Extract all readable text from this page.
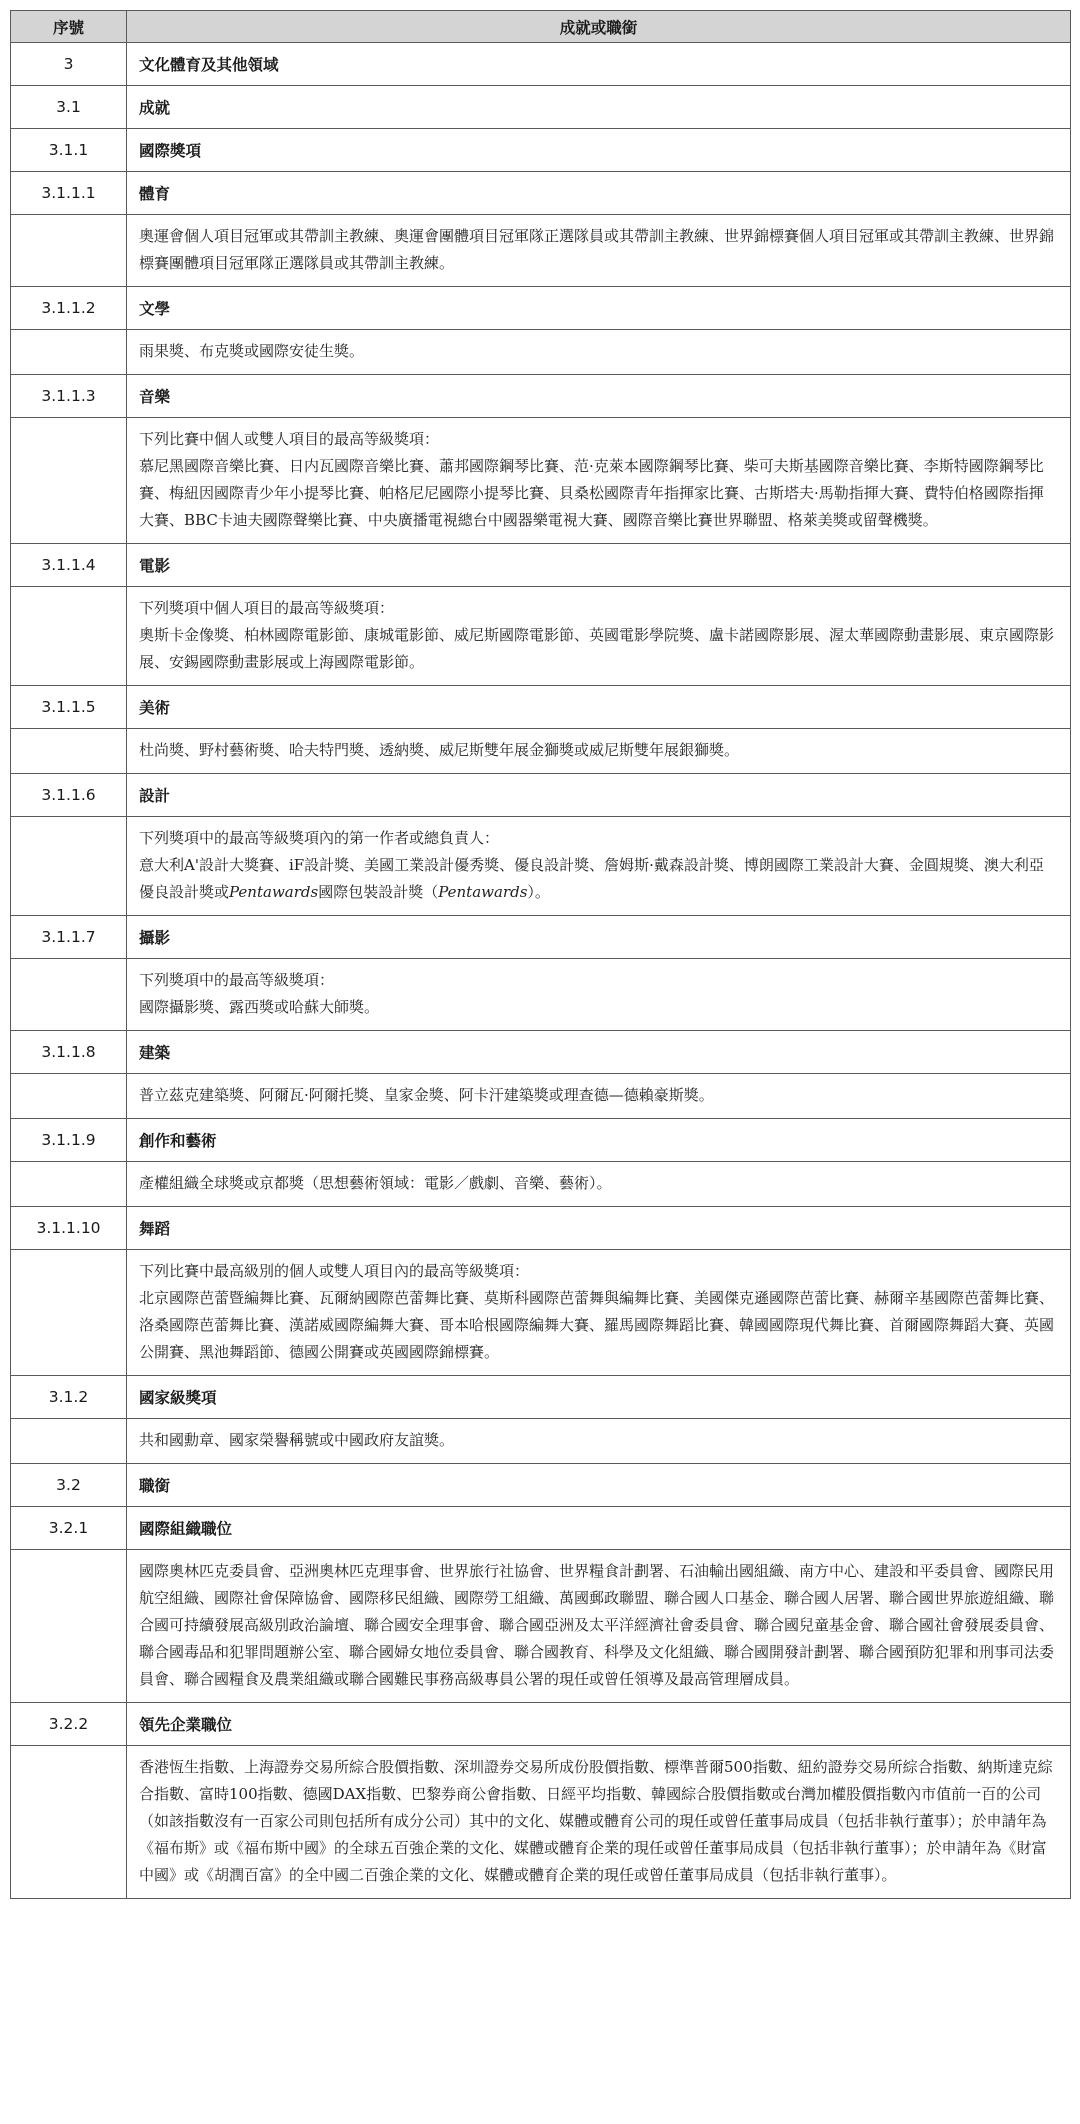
序號	成就或職銜
3	文化體育及其他領域
3.1	成就
3.1.1	國際獎項
3.1.1.1	體育
	奧運會個人項目冠軍或其帶訓主教練、奧運會團體項目冠軍隊正選隊員或其帶訓主教練、世界錦標賽個人項目冠軍或其帶訓主教練、世界錦標賽團體項目冠軍隊正選隊員或其帶訓主教練。
3.1.1.2	文學
	雨果獎、布克獎或國際安徒生獎。
3.1.1.3	音樂

	下列比賽中個人或雙人項目的最高等級獎項：
慕尼黑國際音樂比賽、日内瓦國際音樂比賽、蕭邦國際鋼琴比賽、范·克萊本國際鋼琴比賽、柴可夫斯基國際音樂比賽、李斯特國際鋼琴比賽、梅紐因國際青少年小提琴比賽、帕格尼尼國際小提琴比賽、貝桑松國際青年指揮家比賽、古斯塔夫·馬勒指揮大賽、費特伯格國際指揮大賽、BBC卡迪夫國際聲樂比賽、中央廣播電視總台中國器樂電視大賽、國際音樂比賽世界聯盟、格萊美獎或留聲機獎。

3.1.1.4	電影

	下列獎項中個人項目的最高等級獎項：
奧斯卡金像獎、柏林國際電影節、康城電影節、威尼斯國際電影節、英國電影學院獎、盧卡諾國際影展、渥太華國際動畫影展、東京國際影展、安錫國際動畫影展或上海國際電影節。

3.1.1.5	美術
	杜尚獎、野村藝術獎、哈夫特門獎、透納獎、威尼斯雙年展金獅獎或威尼斯雙年展銀獅獎。
3.1.1.6	設計

	下列獎項中的最高等級獎項內的第一作者或總負責人：
意大利A'設計大獎賽、iF設計獎、美國工業設計優秀獎、優良設計獎、詹姆斯·戴森設計獎、博朗國際工業設計大賽、金圓規獎、澳大利亞優良設計獎或Pentawards國際包裝設計獎（Pentawards）。

3.1.1.7	攝影

	下列獎項中的最高等級獎項：
國際攝影獎、露西獎或哈蘇大師獎。

3.1.1.8	建築
	普立茲克建築獎、阿爾瓦·阿爾托獎、皇家金獎、阿卡汗建築獎或理查德—德賴豪斯獎。
3.1.1.9	創作和藝術
	產權組織全球獎或京都獎（思想藝術領域：電影／戲劇、音樂、藝術）。
3.1.1.10	舞蹈

	下列比賽中最高級別的個人或雙人項目內的最高等級獎項：
北京國際芭蕾暨編舞比賽、瓦爾納國際芭蕾舞比賽、莫斯科國際芭蕾舞與編舞比賽、美國傑克遜國際芭蕾比賽、赫爾辛基國際芭蕾舞比賽、洛桑國際芭蕾舞比賽、漢諾威國際編舞大賽、哥本哈根國際編舞大賽、羅馬國際舞蹈比賽、韓國國際現代舞比賽、首爾國際舞蹈大賽、英國公開賽、黑池舞蹈節、德國公開賽或英國國際錦標賽。

3.1.2	國家級獎項
	共和國勳章、國家榮譽稱號或中國政府友誼獎。
3.2	職銜
3.2.1	國際組織職位
	國際奧林匹克委員會、亞洲奧林匹克理事會、世界旅行社協會、世界糧食計劃署、石油輸出國組織、南方中心、建設和平委員會、國際民用航空組織、國際社會保障協會、國際移民組織、國際勞工組織、萬國郵政聯盟、聯合國人口基金、聯合國人居署、聯合國世界旅遊組織、聯合國可持續發展高級別政治論壇、聯合國安全理事會、聯合國亞洲及太平洋經濟社會委員會、聯合國兒童基金會、聯合國社會發展委員會、聯合國毒品和犯罪問題辦公室、聯合國婦女地位委員會、聯合國教育、科學及文化組織、聯合國開發計劃署、聯合國預防犯罪和刑事司法委員會、聯合國糧食及農業組織或聯合國難民事務高級專員公署的現任或曾任領導及最高管理層成員。
3.2.2	領先企業職位
	香港恆生指數、上海證券交易所綜合股價指數、深圳證券交易所成份股價指數、標準普爾500指數、紐約證券交易所綜合指數、納斯達克綜合指數、富時100指數、德國DAX指數、巴黎券商公會指數、日經平均指數、韓國綜合股價指數或台灣加權股價指數內市值前一百的公司（如該指數沒有一百家公司則包括所有成分公司）其中的文化、媒體或體育公司的現任或曾任董事局成員（包括非執行董事）；於申請年為《福布斯》或《福布斯中國》的全球五百強企業的文化、媒體或體育企業的現任或曾任董事局成員（包括非執行董事）；於申請年為《財富中國》或《胡潤百富》的全中國二百強企業的文化、媒體或體育企業的現任或曾任董事局成員（包括非執行董事）。
